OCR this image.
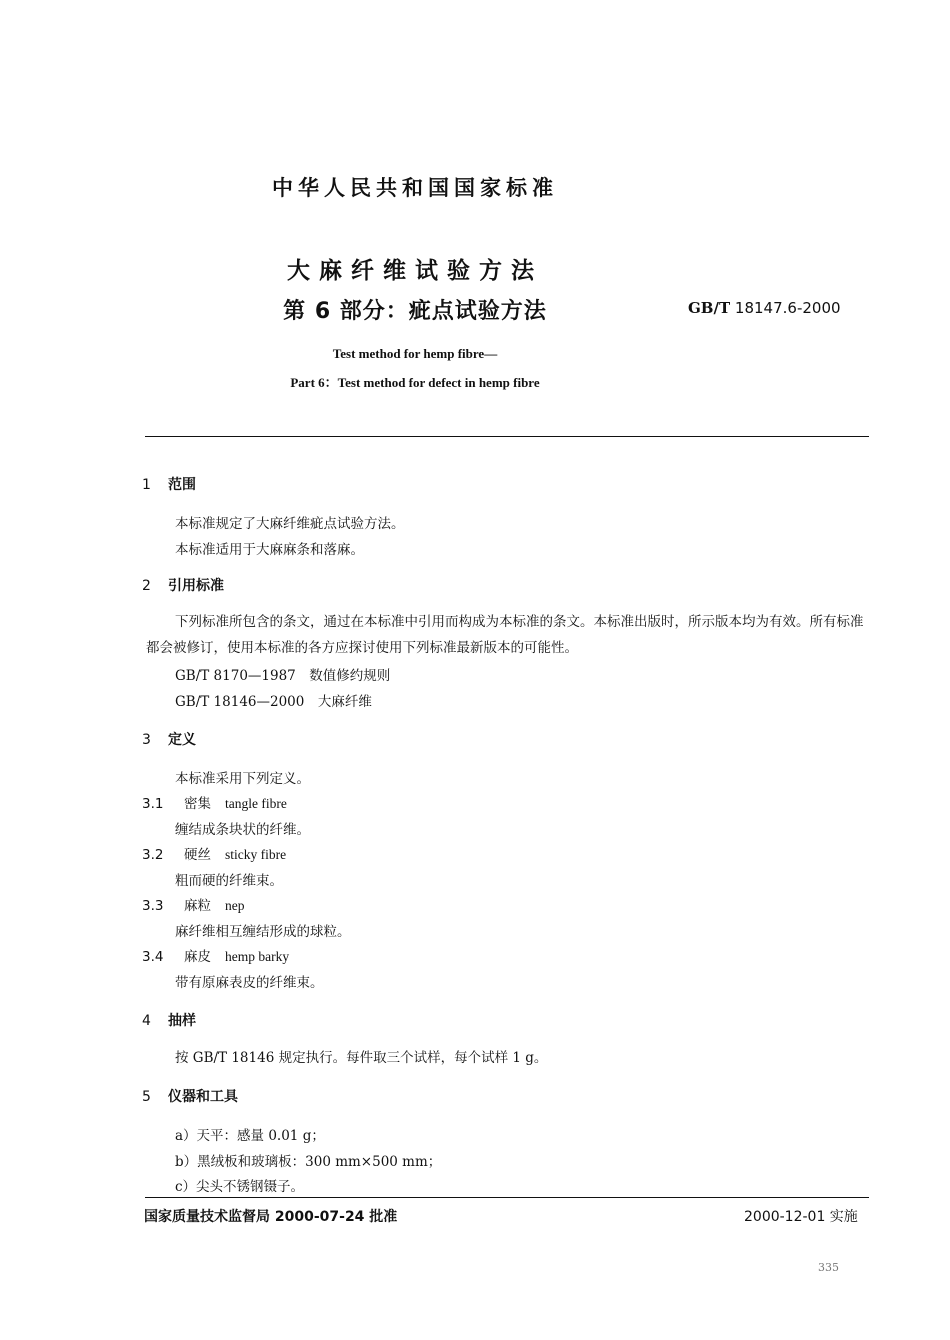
中华人民共和国国家标准
大麻纤维试验方法
第 6 部分：疵点试验方法	GB/T 18147.6-2000
Test method for hemp fibre—
Part 6：Test method for defect in hemp fibre
1 范围
本标准规定了大麻纤维疵点试验方法。
本标准适用于大麻麻条和落麻。
2 引用标准
下列标准所包含的条文，通过在本标准中引用而构成为本标准的条文。本标准出版时，所示版本均为有效。所有标准都会被修订，使用本标准的各方应探讨使用下列标准最新版本的可能性。
GB/T 8170—1987　数值修约规则
GB/T 18146—2000　大麻纤维
3 定义
本标准采用下列定义。
3.1 密集 tangle fibre
缠结成条块状的纤维。
3.2 硬丝 sticky fibre
粗而硬的纤维束。
3.3 麻粒 nep
麻纤维相互缠结形成的球粒。
3.4 麻皮 hemp barky
带有原麻表皮的纤维束。
4 抽样
按 GB/T 18146 规定执行。每件取三个试样，每个试样 1 g。
5 仪器和工具
a）天平：感量 0.01 g；
b）黑绒板和玻璃板：300 mm×500 mm；
c）尖头不锈钢镊子。
国家质量技术监督局 2000-07-24 批准	2000-12-01 实施
335
